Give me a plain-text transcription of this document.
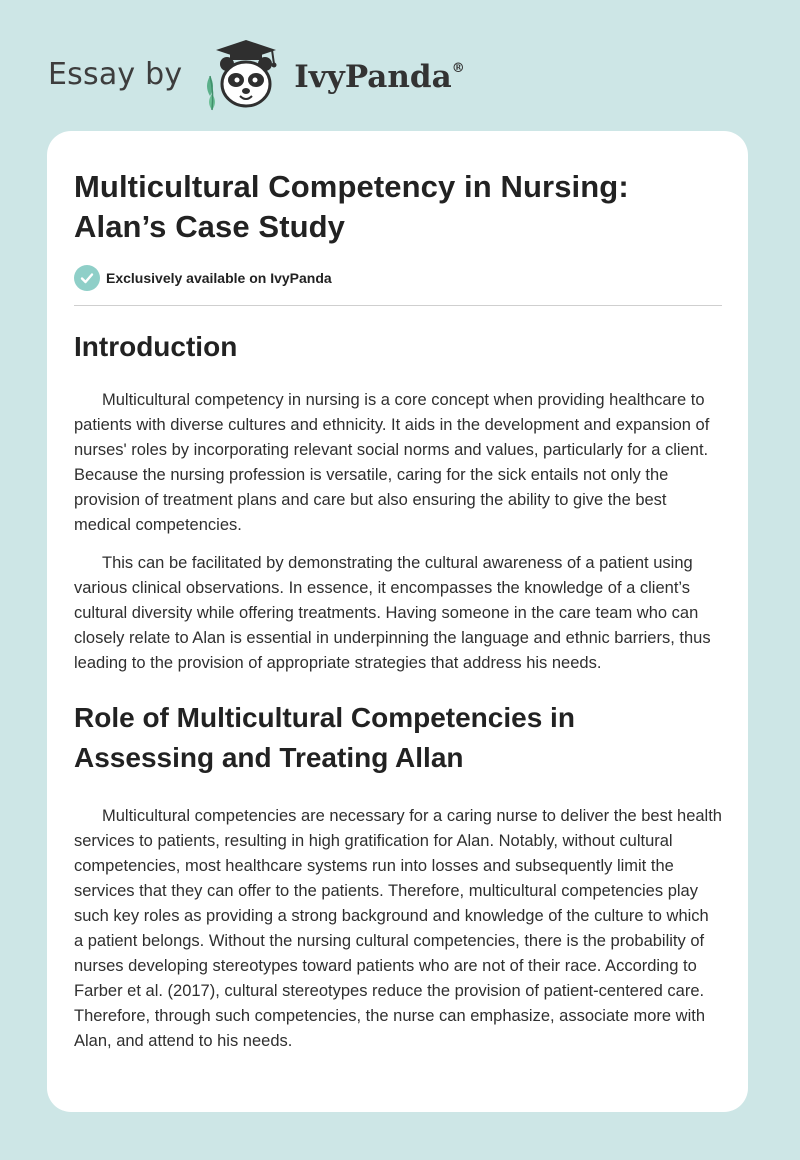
Essay by	IvyPanda®
Multicultural Competency in Nursing:
Alan’s Case Study
Exclusively available on IvyPanda
Introduction

Multicultural competency in nursing is a core concept when providing healthcare to patients with diverse cultures and ethnicity. It aids in the development and expansion of nurses' roles by incorporating relevant social norms and values, particularly for a client. Because the nursing profession is versatile, caring for the sick entails not only the provision of treatment plans and care but also ensuring the ability to give the best medical competencies.

This can be facilitated by demonstrating the cultural awareness of a patient using various clinical observations. In essence, it encompasses the knowledge of a client’s cultural diversity while offering treatments. Having someone in the care team who can closely relate to Alan is essential in underpinning the language and ethnic barriers, thus leading to the provision of appropriate strategies that address his needs.

Role of Multicultural Competencies in
Assessing and Treating Allan

Multicultural competencies are necessary for a caring nurse to deliver the best health services to patients, resulting in high gratification for Alan. Notably, without cultural competencies, most healthcare systems run into losses and subsequently limit the services that they can offer to the patients. Therefore, multicultural competencies play such key roles as providing a strong background and knowledge of the culture to which a patient belongs. Without the nursing cultural competencies, there is the probability of nurses developing stereotypes toward patients who are not of their race. According to Farber et al. (2017), cultural stereotypes reduce the provision of patient-centered care. Therefore, through such competencies, the nurse can emphasize, associate more with Alan, and attend to his needs.
